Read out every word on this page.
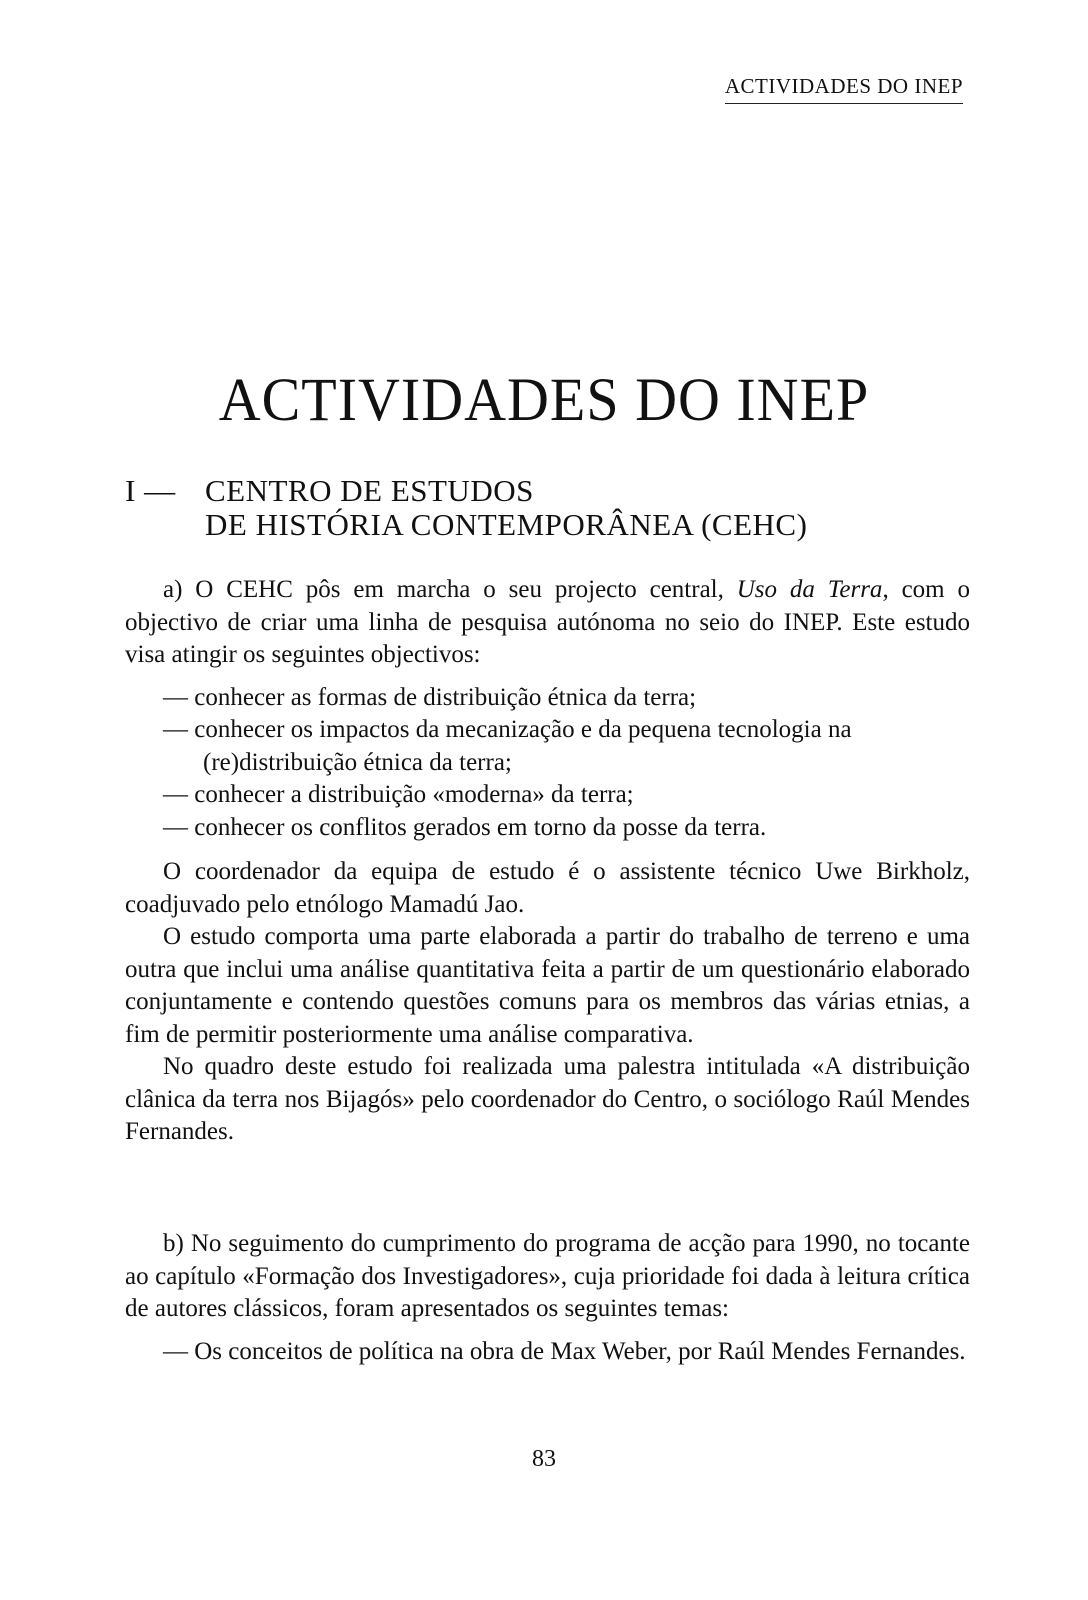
ACTIVIDADES DO INEP
ACTIVIDADES DO INEP
I — CENTRO DE ESTUDOS
DE HISTÓRIA CONTEMPORÂNEA (CEHC)

a) O CEHC pôs em marcha o seu projecto central, Uso da Terra, com o objectivo de criar uma linha de pesquisa autónoma no seio do INEP. Este estudo visa atingir os seguintes objectivos:

— conhecer as formas de distribuição étnica da terra;
— conhecer os impactos da mecanização e da pequena tecnologia na (re)distribuição étnica da terra;
— conhecer a distribuição «moderna» da terra;
— conhecer os conflitos gerados em torno da posse da terra.

O coordenador da equipa de estudo é o assistente técnico Uwe Birkholz, coadjuvado pelo etnólogo Mamadú Jao.

O estudo comporta uma parte elaborada a partir do trabalho de terreno e uma outra que inclui uma análise quantitativa feita a partir de um questionário elaborado conjuntamente e contendo questões comuns para os membros das várias etnias, a fim de permitir posteriormente uma análise comparativa.

No quadro deste estudo foi realizada uma palestra intitulada «A distribuição clânica da terra nos Bijagós» pelo coordenador do Centro, o sociólogo Raúl Mendes Fernandes.

b) No seguimento do cumprimento do programa de acção para 1990, no tocante ao capítulo «Formação dos Investigadores», cuja prioridade foi dada à leitura crítica de autores clássicos, foram apresentados os seguintes temas:

— Os conceitos de política na obra de Max Weber, por Raúl Mendes Fernandes.
83
